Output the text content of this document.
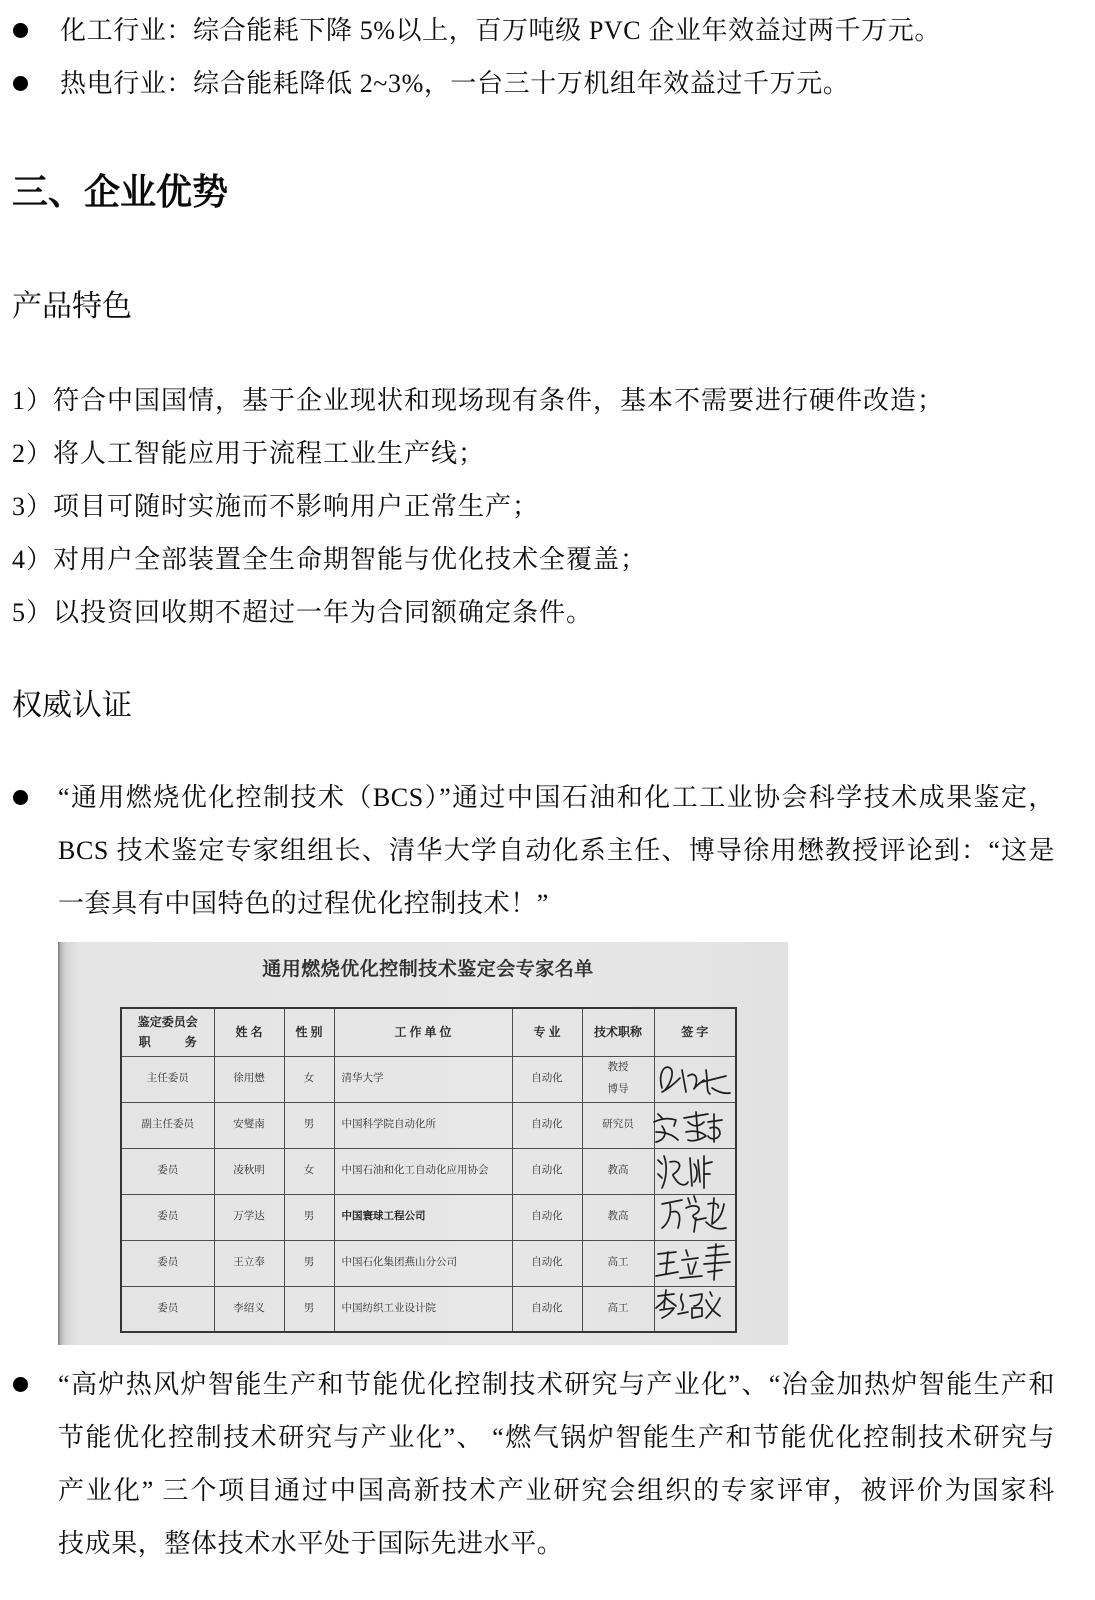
化工行业：综合能耗下降 5%以上，百万吨级 PVC 企业年效益过两千万元。
热电行业：综合能耗降低 2~3%，一台三十万机组年效益过千万元。
三、企业优势
产品特色
1）符合中国国情，基于企业现状和现场现有条件，基本不需要进行硬件改造；
2）将人工智能应用于流程工业生产线；
3）项目可随时实施而不影响用户正常生产；
4）对用户全部装置全生命期智能与优化技术全覆盖；
5）以投资回收期不超过一年为合同额确定条件。
权威认证
“通用燃烧优化控制技术（BCS）”通过中国石油和化工工业协会科学技术成果鉴定，
BCS 技术鉴定专家组组长、清华大学自动化系主任、博导徐用懋教授评论到：“这是
一套具有中国特色的过程优化控制技术！”
通用燃烧优化控制技术鉴定会专家名单
鉴定委员会
职 务	姓 名	性 别	工 作 单 位	专 业	技术职称	签 字
主任委员	徐用懋	女	清华大学	自动化	教授
博导	

副主任委员	安燮南	男	中国科学院自动化所	自动化	研究员	
委员	凌秋明	女	中国石油和化工自动化应用协会	自动化	教高	
委员	万学达	男	中国寰球工程公司	自动化	教高	
委员	王立奉	男	中国石化集团燕山分公司	自动化	高工	
委员	李绍义	男	中国纺织工业设计院	自动化	高工	
“高炉热风炉智能生产和节能优化控制技术研究与产业化”、“冶金加热炉智能生产和
节能优化控制技术研究与产业化”、 “燃气锅炉智能生产和节能优化控制技术研究与
产业化” 三个项目通过中国高新技术产业研究会组织的专家评审，被评价为国家科
技成果，整体技术水平处于国际先进水平。
